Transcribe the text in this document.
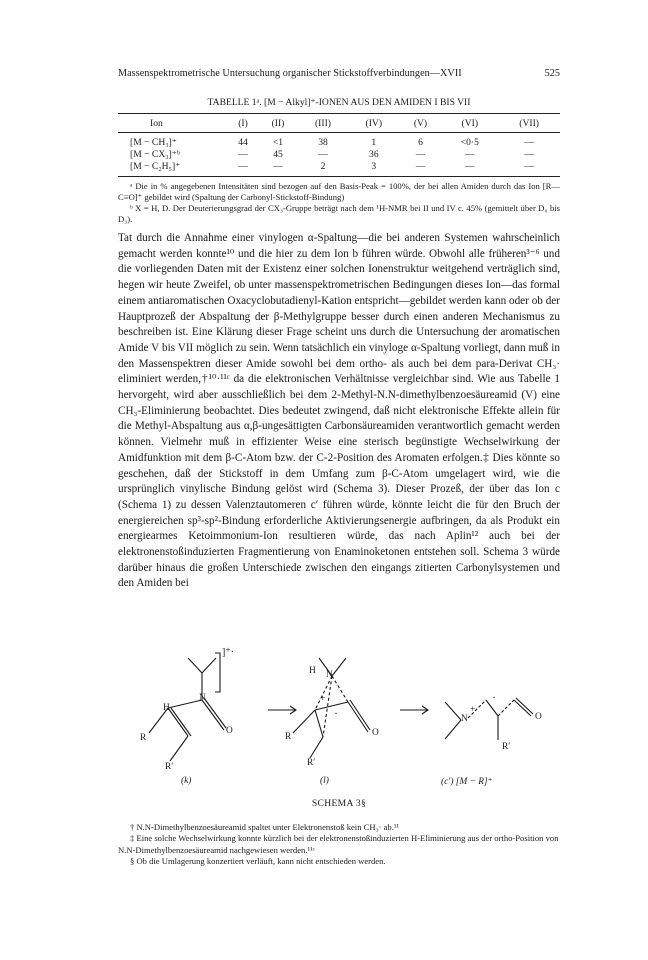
Massenspektrometrische Untersuchung organischer Stickstoffverbindungen—XVII	525
TABELLE 1ᵃ. [M − Alkyl]⁺-IONEN AUS DEN AMIDEN I BIS VII
Ion	(I)	(II)	(III)	(IV)	(V)	(VI)	(VII)
[M − CH₃]⁺	44	<1	38	1	6	<0·5	—
[M − CX₃]⁺ᵇ	—	45	—	36	—	—	—
[M − C₂H₅]⁺	—	—	2	3	—	—	—

ᵃ Die in % angegebenen Intensitäten sind bezogen auf den Basis-Peak = 100%, der bei allen Amiden durch das Ion [R—C≡O]⁺ gebildet wird (Spaltung der Carbonyl-Stickstoff-Bindung)

ᵇ X = H, D. Der Deuterierungsgrad der CX₃-Gruppe beträgt nach dem ¹H-NMR bei II und IV c. 45% (gemittelt über D₀ bis D₃).

Tat durch die Annahme einer vinylogen α-Spaltung—die bei anderen Systemen wahrscheinlich gemacht werden konnte¹⁰ und die hier zu dem Ion b führen würde. Obwohl alle früheren³⁻⁶ und die vorliegenden Daten mit der Existenz einer solchen Ionenstruktur weitgehend verträglich sind, hegen wir heute Zweifel, ob unter massenspektrometrischen Bedingungen dieses Ion—das formal einem antiaromatischen Oxacyclobutadienyl-Kation entspricht—gebildet werden kann oder ob der Hauptprozeß der Abspaltung der β-Methylgruppe besser durch einen anderen Mechanismus zu beschreiben ist. Eine Klärung dieser Frage scheint uns durch die Untersuchung der aromatischen Amide V bis VII möglich zu sein. Wenn tatsächlich ein vinyloge α-Spaltung vorliegt, dann muß in den Massenspektren dieser Amide sowohl bei dem ortho- als auch bei dem para-Derivat CH₃· eliminiert werden,†¹⁰·¹¹ᶜ da die elektronischen Verhältnisse vergleichbar sind. Wie aus Tabelle 1 hervorgeht, wird aber ausschließlich bei dem 2-Methyl-N.N-dimethylbenzoesäureamid (V) eine CH₃-Eliminierung beobachtet. Dies bedeutet zwingend, daß nicht elektronische Effekte allein für die Methyl-Abspaltung aus α,β-ungesättigten Carbonsäureamiden verantwortlich gemacht werden können. Vielmehr muß in effizienter Weise eine sterisch begünstigte Wechselwirkung der Amidfunktion mit dem β-C-Atom bzw. der C-2-Position des Aromaten erfolgen.‡ Dies könnte so geschehen, daß der Stickstoff in dem Umfang zum β-C-Atom umgelagert wird, wie die ursprünglich vinylische Bindung gelöst wird (Schema 3). Dieser Prozeß, der über das Ion c (Schema 1) zu dessen Valenztautomeren c′ führen würde, könnte leicht die für den Bruch der energiereichen sp³-sp²-Bindung erforderliche Aktivierungsenergie aufbringen, da als Produkt ein energiearmes Ketoimmonium-Ion resultieren würde, das nach Aplin¹² auch bei der elektronenstoßinduzierten Fragmentierung von Enaminoketonen entstehen soll. Schema 3 würde darüber hinaus die großen Unterschiede zwischen den eingangs zitierten Carbonylsystemen und den Amiden bei

H
N
O
R
R′
]⁺·
H N
O
R
R′
+
·	N	O
R′
+
·
(k)	(l)	(c′) [M − R]⁺
SCHEMA 3§

† N.N-Dimethylbenzoesäureamid spaltet unter Elektronenstoß kein CH₃· ab.¹¹

‡ Eine solche Wechselwirkung konnte kürzlich bei der elektronenstoßinduzierten H-Eliminierung aus der ortho-Position von N.N-Dimethylbenzoesäureamid nachgewiesen werden.¹¹ᶜ

§ Ob die Umlagerung konzertiert verläuft, kann nicht entschieden werden.
